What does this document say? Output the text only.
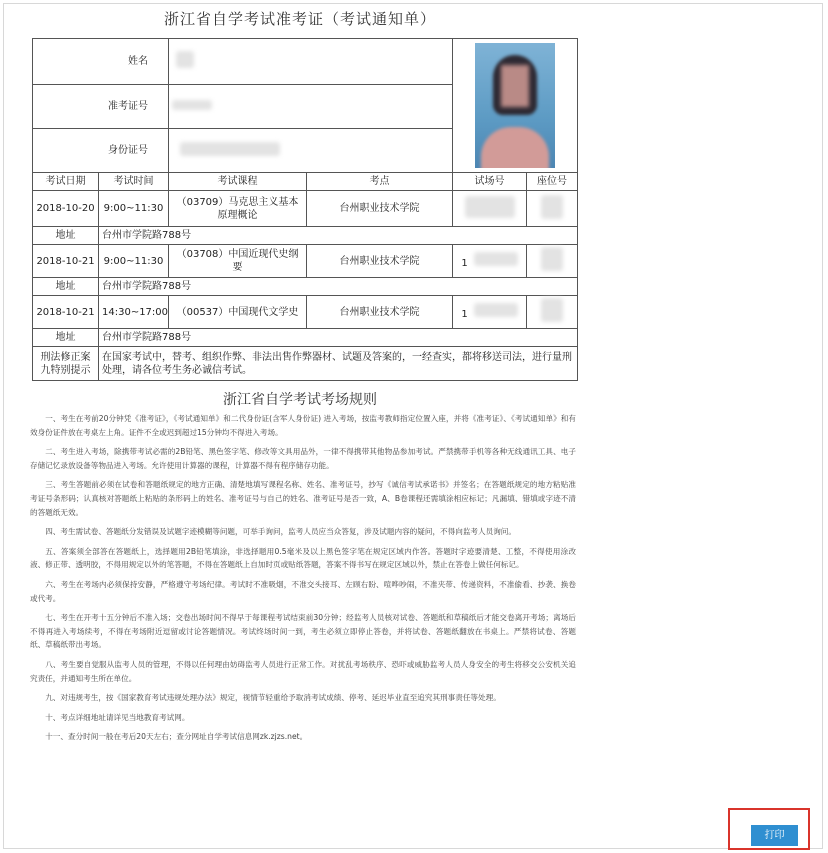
浙江省自学考试准考证（考试通知单）
姓名					

准考证号					
身份证号					
考试日期	考试时间	考试课程	考点	试场号	座位号
2018-10-20	9:00~11:30	（03709）马克思主义基本原理概论	台州职业技术学院		
地址	台州市学院路788号				
2018-10-21	9:00~11:30	（03708）中国近现代史纲要	台州职业技术学院	1	
地址	台州市学院路788号				
2018-10-21	14:30~17:00	（00537）中国现代文学史	台州职业技术学院	1	
地址	台州市学院路788号				
刑法修正案九特别提示	在国家考试中，替考、组织作弊、非法出售作弊器材、试题及答案的，一经查实，都将移送司法，进行量刑处理，请各位考生务必诚信考试。				
浙江省自学考试考场规则

一、考生在考前20分钟凭《准考证》，《考试通知单》和二代身份证(含军人身份证) 进入考场，按监考教师指定位置入座，并将《准考证》、《考试通知单》和有效身份证件放在考桌左上角。证件不全或迟到超过15分钟均不得进入考场。

二、考生进入考场，除携带考试必需的2B铅笔、黑色签字笔、修改等文具用品外，一律不得携带其他物品参加考试。严禁携带手机等各种无线通讯工具、电子存储记忆录放设备等物品进入考场。允许使用计算器的课程，计算器不得有程序储存功能。

三、考生答题前必须在试卷和答题纸规定的地方正确、清楚地填写课程名称、姓名、准考证号，抄写《诚信考试承诺书》并签名；在答题纸规定的地方粘贴准考证号条形码；认真核对答题纸上粘贴的条形码上的姓名、准考证号与自己的姓名、准考证号是否一致，A、B卷课程还需填涂相应标记；凡漏填、错填或字迹不清的答题纸无效。

四、考生需试卷、答题纸分发错误及试题字迹模糊等问题，可举手询问，监考人员应当众答复，涉及试题内容的疑问，不得向监考人员询问。

五、答案须全部答在答题纸上，选择题用2B铅笔填涂，非选择题用0.5毫米及以上黑色签字笔在规定区域内作答。答题时字迹要清楚、工整，不得使用涂改液、修正带、透明胶，不得用规定以外的笔答题，不得在答题纸上自加时页或贴纸答题，答案不得书写在规定区域以外，禁止在答卷上做任何标记。

六、考生在考场内必须保持安静，严格遵守考场纪律。考试时不准吸烟，不准交头接耳、左顾右盼、喧哗吵闹，不准夹带、传递资料，不准偷看、抄袭、换卷或代考。

七、考生在开考十五分钟后不准入场；交卷出场时间不得早于每课程考试结束前30分钟；经监考人员核对试卷、答题纸和草稿纸后才能交卷离开考场；离场后不得再进入考场续考，不得在考场附近逗留或讨论答题情况。考试终场时间一到，考生必须立即停止答卷，并将试卷、答题纸翻放在书桌上。严禁将试卷、答题纸、草稿纸带出考场。

八、考生要自觉服从监考人员的管理，不得以任何理由妨碍监考人员进行正常工作。对扰乱考场秩序、恐吓或威胁监考人员人身安全的考生将移交公安机关追究责任，并通知考生所在单位。

九、对违规考生，按《国家教育考试违规处理办法》规定，视情节轻重给予取消考试成绩、停考、延迟毕业直至追究其刑事责任等处理。

十、考点详细地址请详见当地教育考试网。

十一、查分时间一般在考后20天左右；查分网址自学考试信息网zk.zjzs.net。

打印
